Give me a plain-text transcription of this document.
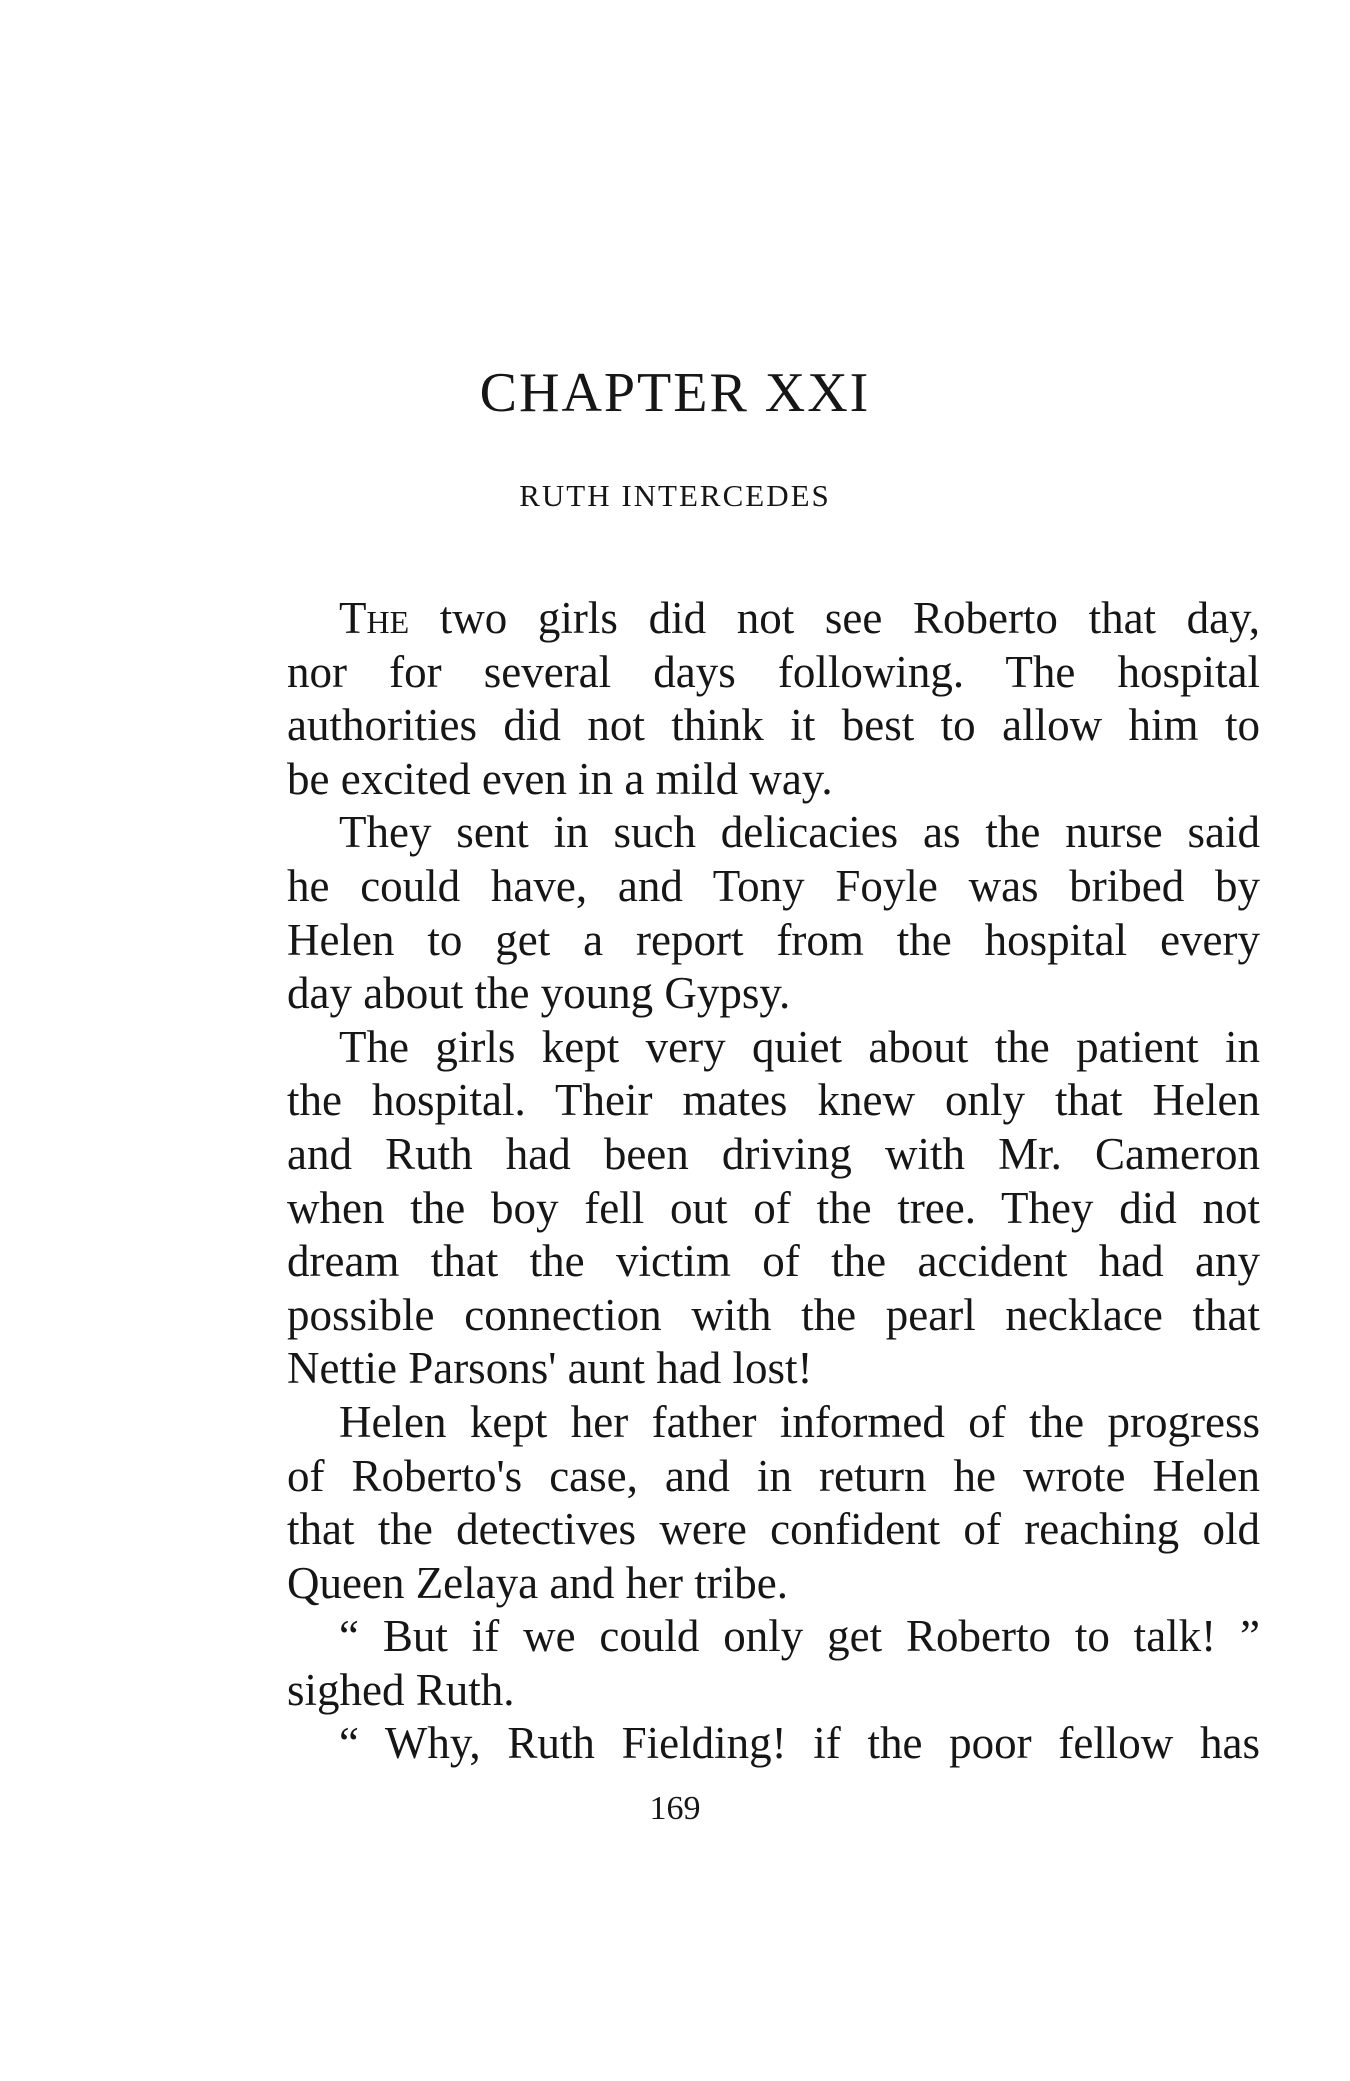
CHAPTER XXI
RUTH INTERCEDES
The two girls did not see Roberto that day,
nor for several days following. The hospital
authorities did not think it best to allow him to
be excited even in a mild way.
They sent in such delicacies as the nurse said
he could have, and Tony Foyle was bribed by
Helen to get a report from the hospital every
day about the young Gypsy.
The girls kept very quiet about the patient in
the hospital. Their mates knew only that Helen
and Ruth had been driving with Mr. Cameron
when the boy fell out of the tree. They did not
dream that the victim of the accident had any
possible connection with the pearl necklace that
Nettie Parsons' aunt had lost!
Helen kept her father informed of the progress
of Roberto's case, and in return he wrote Helen
that the detectives were confident of reaching old
Queen Zelaya and her tribe.
“ But if we could only get Roberto to talk! ”
sighed Ruth.
“ Why, Ruth Fielding! if the poor fellow has
169
